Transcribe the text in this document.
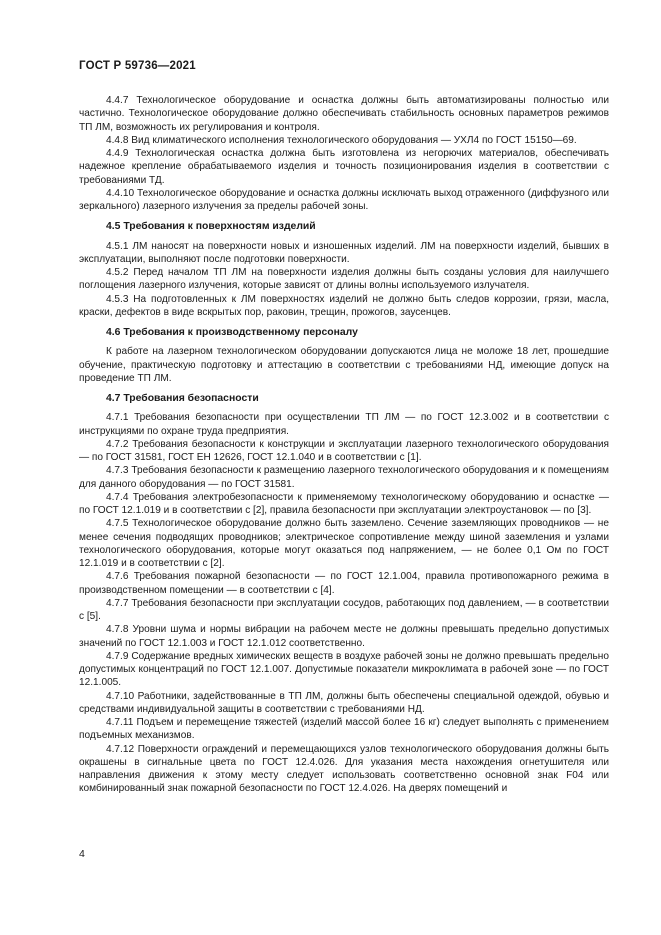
ГОСТ Р 59736—2021
4.4.7 Технологическое оборудование и оснастка должны быть автоматизированы полностью или частично. Технологическое оборудование должно обеспечивать стабильность основных параметров режимов ТП ЛМ, возможность их регулирования и контроля.
4.4.8 Вид климатического исполнения технологического оборудования — УХЛ4 по ГОСТ 15150—69.
4.4.9 Технологическая оснастка должна быть изготовлена из негорючих материалов, обеспечивать надежное крепление обрабатываемого изделия и точность позиционирования изделия в соответствии с требованиями ТД.
4.4.10 Технологическое оборудование и оснастка должны исключать выход отраженного (диффузного или зеркального) лазерного излучения за пределы рабочей зоны.
4.5 Требования к поверхностям изделий
4.5.1 ЛМ наносят на поверхности новых и изношенных изделий. ЛМ на поверхности изделий, бывших в эксплуатации, выполняют после подготовки поверхности.
4.5.2 Перед началом ТП ЛМ на поверхности изделия должны быть созданы условия для наилучшего поглощения лазерного излучения, которые зависят от длины волны используемого излучателя.
4.5.3 На подготовленных к ЛМ поверхностях изделий не должно быть следов коррозии, грязи, масла, краски, дефектов в виде вскрытых пор, раковин, трещин, прожогов, заусенцев.
4.6 Требования к производственному персоналу
К работе на лазерном технологическом оборудовании допускаются лица не моложе 18 лет, прошедшие обучение, практическую подготовку и аттестацию в соответствии с требованиями НД, имеющие допуск на проведение ТП ЛМ.
4.7 Требования безопасности
4.7.1 Требования безопасности при осуществлении ТП ЛМ — по ГОСТ 12.3.002 и в соответствии с инструкциями по охране труда предприятия.
4.7.2 Требования безопасности к конструкции и эксплуатации лазерного технологического оборудования — по ГОСТ 31581, ГОСТ ЕН 12626, ГОСТ 12.1.040 и в соответствии с [1].
4.7.3 Требования безопасности к размещению лазерного технологического оборудования и к помещениям для данного оборудования — по ГОСТ 31581.
4.7.4 Требования электробезопасности к применяемому технологическому оборудованию и оснастке — по ГОСТ 12.1.019 и в соответствии с [2], правила безопасности при эксплуатации электроустановок — по [3].
4.7.5 Технологическое оборудование должно быть заземлено. Сечение заземляющих проводников — не менее сечения подводящих проводников; электрическое сопротивление между шиной заземления и узлами технологического оборудования, которые могут оказаться под напряжением, — не более 0,1 Ом по ГОСТ 12.1.019 и в соответствии с [2].
4.7.6 Требования пожарной безопасности — по ГОСТ 12.1.004, правила противопожарного режима в производственном помещении — в соответствии с [4].
4.7.7 Требования безопасности при эксплуатации сосудов, работающих под давлением, — в соответствии с [5].
4.7.8 Уровни шума и нормы вибрации на рабочем месте не должны превышать предельно допустимых значений по ГОСТ 12.1.003 и ГОСТ 12.1.012 соответственно.
4.7.9 Содержание вредных химических веществ в воздухе рабочей зоны не должно превышать предельно допустимых концентраций по ГОСТ 12.1.007. Допустимые показатели микроклимата в рабочей зоне — по ГОСТ 12.1.005.
4.7.10 Работники, задействованные в ТП ЛМ, должны быть обеспечены специальной одеждой, обувью и средствами индивидуальной защиты в соответствии с требованиями НД.
4.7.11 Подъем и перемещение тяжестей (изделий массой более 16 кг) следует выполнять с применением подъемных механизмов.
4.7.12 Поверхности ограждений и перемещающихся узлов технологического оборудования должны быть окрашены в сигнальные цвета по ГОСТ 12.4.026. Для указания места нахождения огнетушителя или направления движения к этому месту следует использовать соответственно основной знак F04 или комбинированный знак пожарной безопасности по ГОСТ 12.4.026. На дверях помещений и
4
